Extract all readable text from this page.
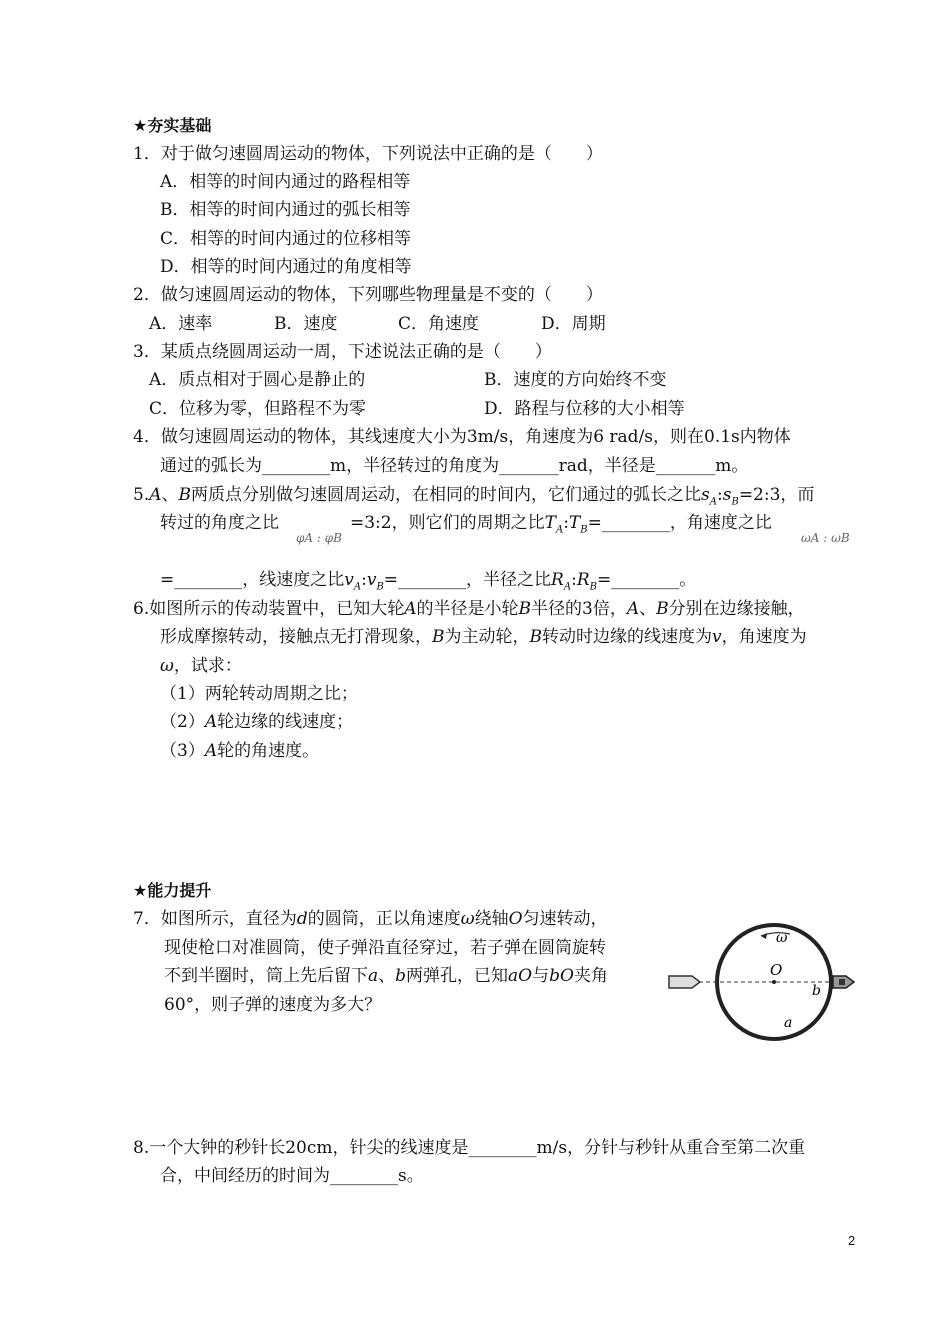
★夯实基础
1．对于做匀速圆周运动的物体，下列说法中正确的是（　　）
A．相等的时间内通过的路程相等
B．相等的时间内通过的弧长相等
C．相等的时间内通过的位移相等
D．相等的时间内通过的角度相等
2．做匀速圆周运动的物体，下列哪些物理量是不变的（　　）
A．速率	B．速度	C．角速度	D．周期
3．某质点绕圆周运动一周，下述说法正确的是（　　）
A．质点相对于圆心是静止的	B．速度的方向始终不变
C．位移为零，但路程不为零	D．路程与位移的大小相等
4．做匀速圆周运动的物体，其线速度大小为3m/s，角速度为6 rad/s，则在0.1s内物体
通过的弧长为________m，半径转过的角度为_______rad，半径是_______m。
5.A、B两质点分别做匀速圆周运动，在相同的时间内，它们通过的弧长之比$s_A:s_B=2:3$，而
转过的角度之比
φA : φB
=3:2，则它们的周期之比$T_A:T_B=\_\_\_\_\_\_\_\_$，角速度之比
ωA : ωB
=________，线速度之比$v_A:v_B=\_\_\_\_\_\_\_\_$，半径之比$R_A:R_B=\_\_\_\_\_\_\_\_$。
6.如图所示的传动装置中，已知大轮A的半径是小轮B半径的3倍，A、B分别在边缘接触，
形成摩擦转动，接触点无打滑现象，B为主动轮，B转动时边缘的线速度为v，角速度为
ω，试求：
（1）两轮转动周期之比；
（2）A轮边缘的线速度；
（3）A轮的角速度。
★能力提升
7．如图所示，直径为d的圆筒，正以角速度ω绕轴O匀速转动，
现使枪口对准圆筒，使子弹沿直径穿过，若子弹在圆筒旋转
不到半圈时，筒上先后留下a、b两弹孔，已知aO与bO夹角
60°，则子弹的速度为多大？
ω
O
b
a
8.一个大钟的秒针长20cm，针尖的线速度是________m/s，分针与秒针从重合至第二次重
合，中间经历的时间为________s。
2
